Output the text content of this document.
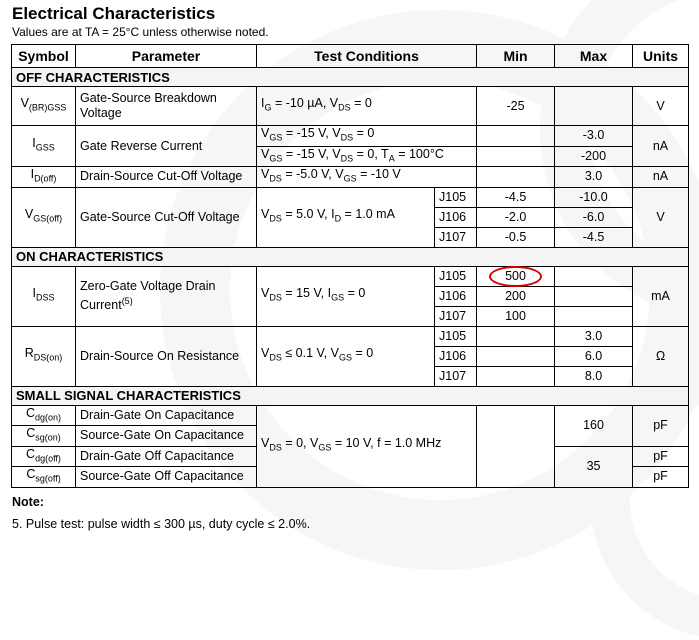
Electrical Characteristics
Values are at TA = 25°C unless otherwise noted.
Symbol	Parameter	Test Conditions		Min	Max	Units
OFF CHARACTERISTICS						
$V_{(BR)GSS}$	Gate-Source Breakdown Voltage	$I_G = -10$ µA, $V_{DS} = 0$		-25		V
$I_{GSS}$	Gate Reverse Current	$V_{GS} = -15$ V, $V_{DS} = 0$			-3.0	nA
		$V_{GS} = -15$ V, $V_{DS} = 0$, $T_A = 100^\circ C$			-200	
$I_{D(off)}$	Drain-Source Cut-Off Voltage	$V_{DS} = -5.0$ V, $V_{GS} = -10$ V			3.0	nA
$V_{GS(off)}$	Gate-Source Cut-Off Voltage	$V_{DS} = 5.0$ V, $I_D = 1.0$ mA	J105	-4.5	-10.0	V
			J106	-2.0	-6.0	
			J107	-0.5	-4.5	
ON CHARACTERISTICS						
$I_{DSS}$	Zero-Gate Voltage Drain Current$^{(5)}$	$V_{DS} = 15$ V, $I_{GS} = 0$	J105	500		mA
			J106	200		
			J107	100		
$R_{DS(on)}$	Drain-Source On Resistance	$V_{DS} \le 0.1$ V, $V_{GS} = 0$	J105		3.0	Ω
			J106		6.0	
			J107		8.0	
SMALL SIGNAL CHARACTERISTICS						
$C_{dg(on)}$	Drain-Gate On Capacitance	$V_{DS} = 0$, $V_{GS} = 10$ V, f = 1.0 MHz			160	pF
$C_{sg(on)}$	Source-Gate On Capacitance					
$C_{dg(off)}$	Drain-Gate Off Capacitance				35	pF
$C_{sg(off)}$	Source-Gate Off Capacitance					pF
Note:
5. Pulse test: pulse width ≤ 300 µs, duty cycle ≤ 2.0%.
